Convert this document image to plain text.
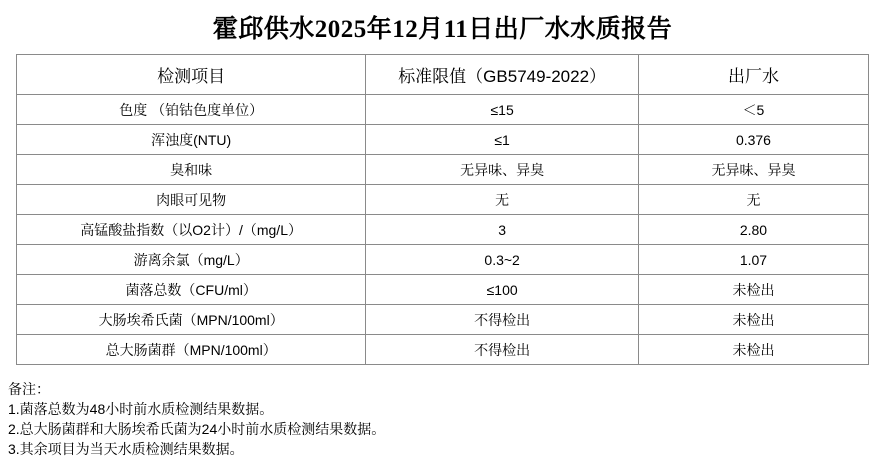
霍邱供水2025年12月11日出厂水水质报告
检测项目	标准限值（GB5749-2022）	出厂水
色度 （铂钴色度单位）	≤15	＜5
浑浊度(NTU)	≤1	0.376
臭和味	无异味、异臭	无异味、异臭
肉眼可见物	无	无
高锰酸盐指数（以O2计）/（mg/L）	3	2.80
游离余氯（mg/L）	0.3~2	1.07
菌落总数（CFU/ml）	≤100	未检出
大肠埃希氏菌（MPN/100ml）	不得检出	未检出
总大肠菌群（MPN/100ml）	不得检出	未检出
备注：
1.菌落总数为48小时前水质检测结果数据。
2.总大肠菌群和大肠埃希氏菌为24小时前水质检测结果数据。
3.其余项目为当天水质检测结果数据。
